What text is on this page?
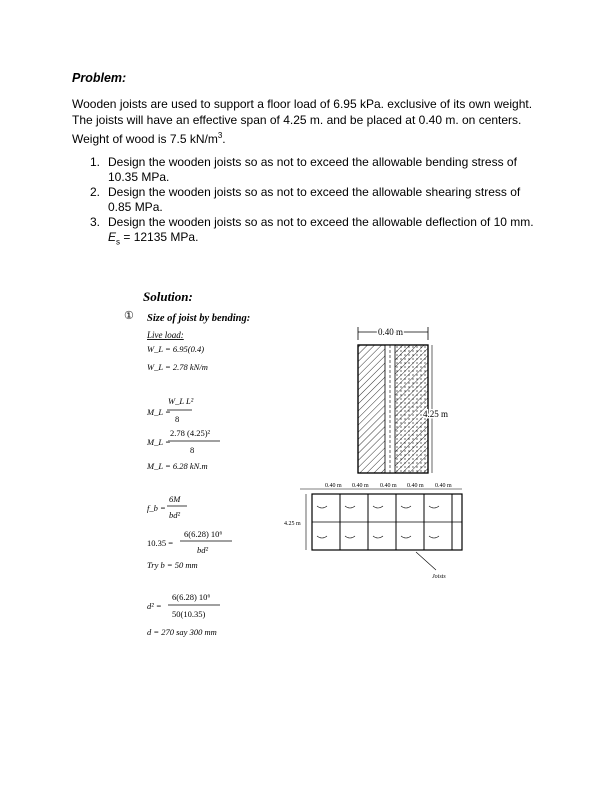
Problem:
Wooden joists are used to support a floor load of 6.95 kPa. exclusive of its own weight.
The joists will have an effective span of 4.25 m. and be placed at 0.40 m. on centers.
Weight of wood is 7.5 $kN/m^3$.
1. Design the wooden joists so as not to exceed the allowable bending stress of
10.35 MPa.
2. Design the wooden joists so as not to exceed the allowable shearing stress of
0.85 MPa.
3. Design the wooden joists so as not to exceed the allowable deflection of 10 mm.
$E_s = 12135$ MPa.
Solution:
① Size of joist by bending:
Live load:
W_L = 6.95(0.4)
W_L = 2.78 kN/m
M_L =
W_L L²
8
M_L =
2.78 (4.25)²
8
M_L = 6.28 kN.m
f_b =
6M
bd²
10.35 =
6(6.28) 10⁶
bd²
Try b = 50 mm
d² =
6(6.28) 10⁶
50(10.35)
d = 270 say 300 mm
0.40 m
4.25 m
0.40 m 0.40 m 0.40 m 0.40 m 0.40 m
4.25 m
Joists
